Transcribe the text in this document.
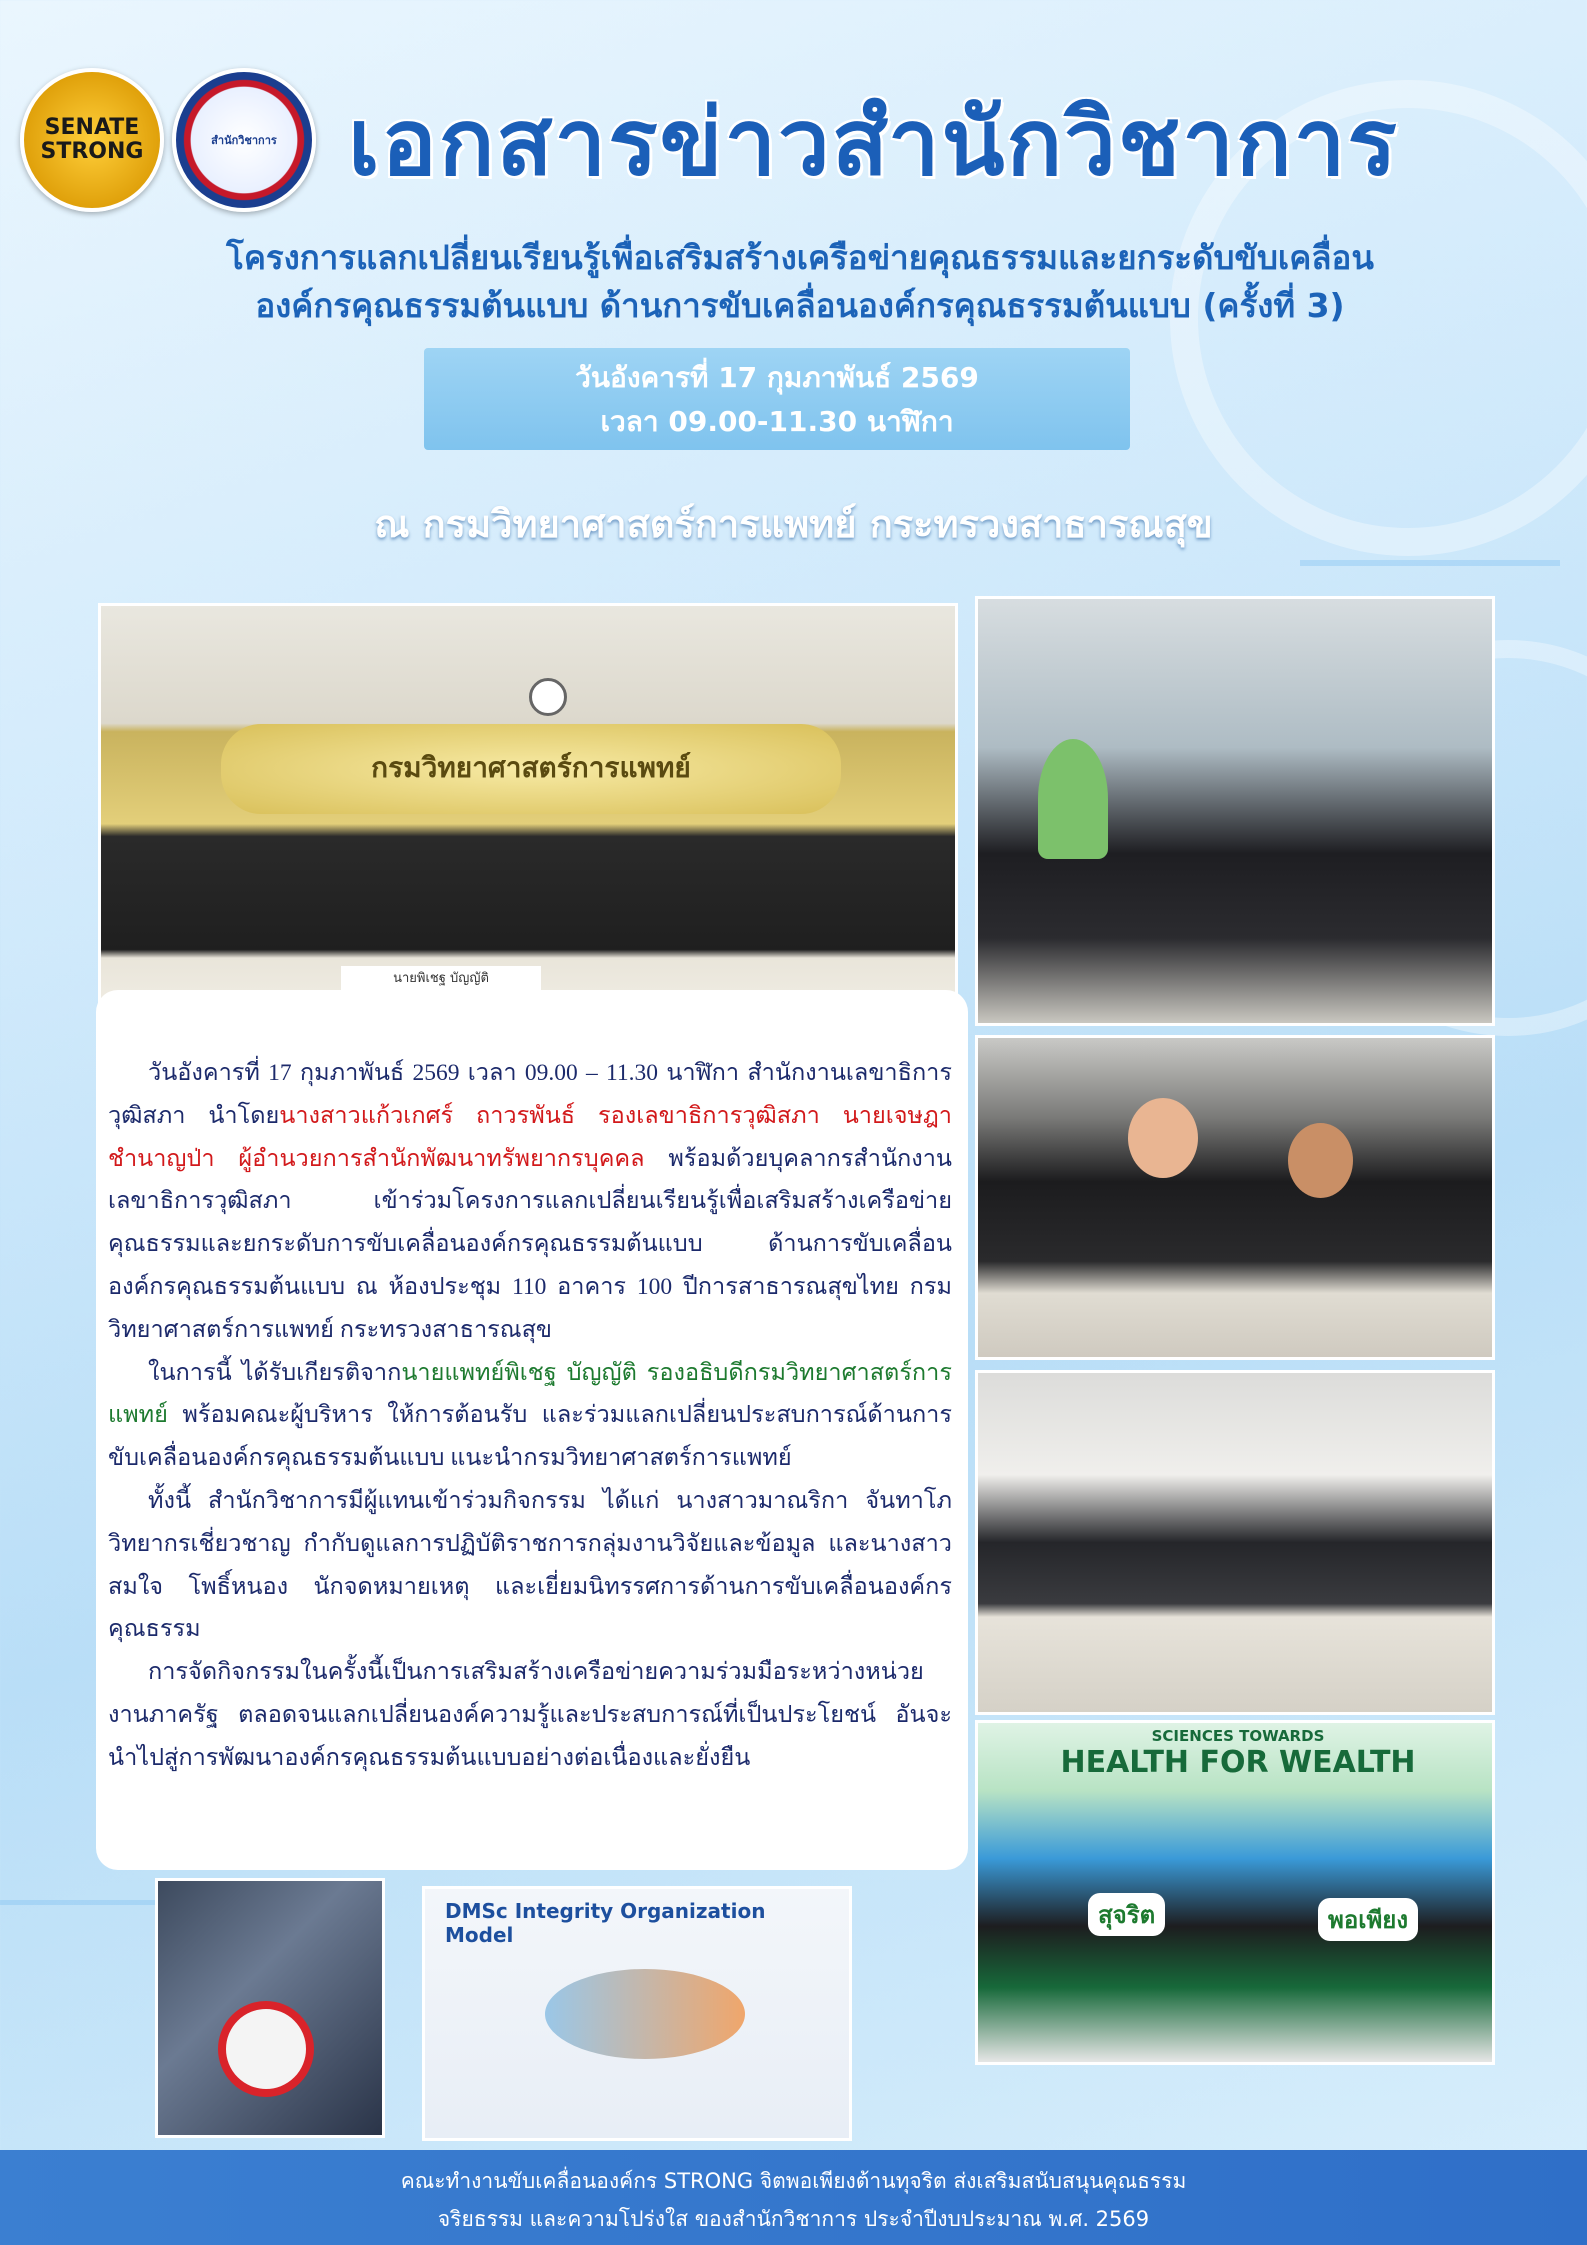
SENATE STRONG	สำนักวิชาการ เอกสารข่าวสำนักวิชาการ
โครงการแลกเปลี่ยนเรียนรู้เพื่อเสริมสร้างเครือข่ายคุณธรรมและยกระดับขับเคลื่อน
องค์กรคุณธรรมต้นแบบ ด้านการขับเคลื่อนองค์กรคุณธรรมต้นแบบ (ครั้งที่ 3)
วันอังคารที่ 17 กุมภาพันธ์ 2569
เวลา 09.00-11.30 นาฬิกา
ณ กรมวิทยาศาสตร์การแพทย์ กระทรวงสาธารณสุข
กรมวิทยาศาสตร์การแพทย์
นายพิเชฐ บัญญัติ
SCIENCES TOWARDS
HEALTH FOR WEALTH
สุจริต	พอเพียง

วันอังคารที่ 17 กุมภาพันธ์ 2569 เวลา 09.00 – 11.30 นาฬิกา สำนักงานเลขาธิการวุฒิสภา นำโดยนางสาวแก้วเกศร์ ถาวรพันธ์ รองเลขาธิการวุฒิสภา นายเจษฎา ชำนาญป่า ผู้อำนวยการสำนักพัฒนาทรัพยากรบุคคล พร้อมด้วยบุคลากรสำนักงานเลขาธิการวุฒิสภา เข้าร่วมโครงการแลกเปลี่ยนเรียนรู้เพื่อเสริมสร้างเครือข่ายคุณธรรมและยกระดับการขับเคลื่อนองค์กรคุณธรรมต้นแบบ ด้านการขับเคลื่อนองค์กรคุณธรรมต้นแบบ ณ ห้องประชุม 110 อาคาร 100 ปีการสาธารณสุขไทย กรมวิทยาศาสตร์การแพทย์ กระทรวงสาธารณสุข

ในการนี้ ได้รับเกียรติจากนายแพทย์พิเชฐ บัญญัติ รองอธิบดีกรมวิทยาศาสตร์การแพทย์ พร้อมคณะผู้บริหาร ให้การต้อนรับ และร่วมแลกเปลี่ยนประสบการณ์ด้านการขับเคลื่อนองค์กรคุณธรรมต้นแบบ แนะนำกรมวิทยาศาสตร์การแพทย์

ทั้งนี้ สำนักวิชาการมีผู้แทนเข้าร่วมกิจกรรม ได้แก่ นางสาวมาณริกา จันทาโภ วิทยากรเชี่ยวชาญ กำกับดูแลการปฏิบัติราชการกลุ่มงานวิจัยและข้อมูล และนางสาวสมใจ โพธิ์หนอง นักจดหมายเหตุ และเยี่ยมนิทรรศการด้านการขับเคลื่อนองค์กรคุณธรรม

การจัดกิจกรรมในครั้งนี้เป็นการเสริมสร้างเครือข่ายความร่วมมือระหว่างหน่วยงานภาครัฐ ตลอดจนแลกเปลี่ยนองค์ความรู้และประสบการณ์ที่เป็นประโยชน์ อันจะนำไปสู่การพัฒนาองค์กรคุณธรรมต้นแบบอย่างต่อเนื่องและยั่งยืน

DMSc Integrity Organization Model
คณะทำงานขับเคลื่อนองค์กร STRONG จิตพอเพียงต้านทุจริต ส่งเสริมสนับสนุนคุณธรรม
จริยธรรม และความโปร่งใส ของสำนักวิชาการ ประจำปีงบประมาณ พ.ศ. 2569
